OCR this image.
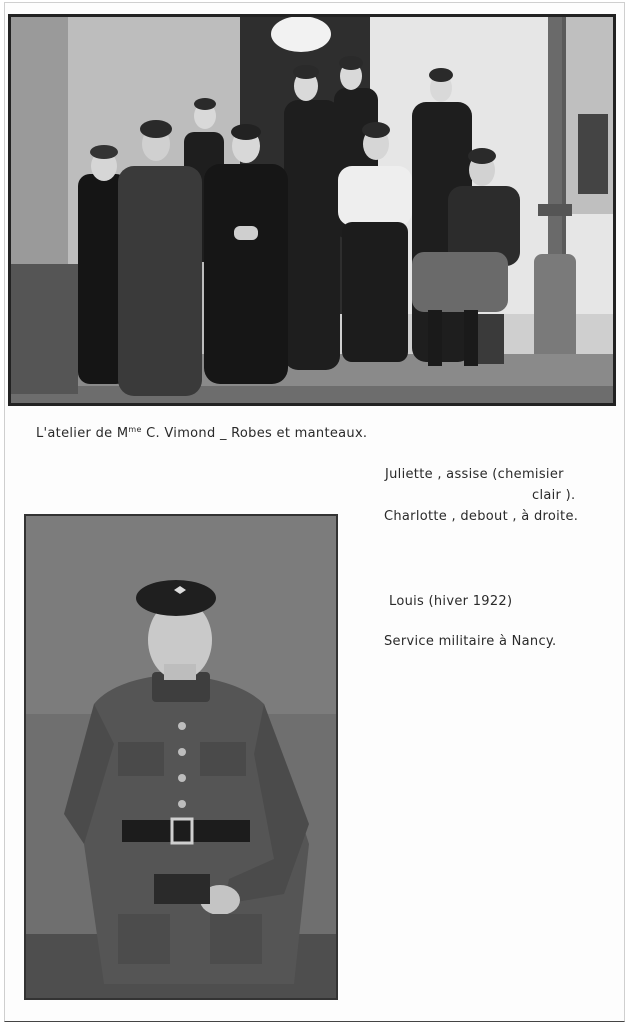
L'atelier de $M^{me}$ C. Vimond _ Robes et manteaux.
Juliette , assise (chemisier
clair ).
Charlotte , debout , à droite.
Louis (hiver 1922)
Service militaire à Nancy.
